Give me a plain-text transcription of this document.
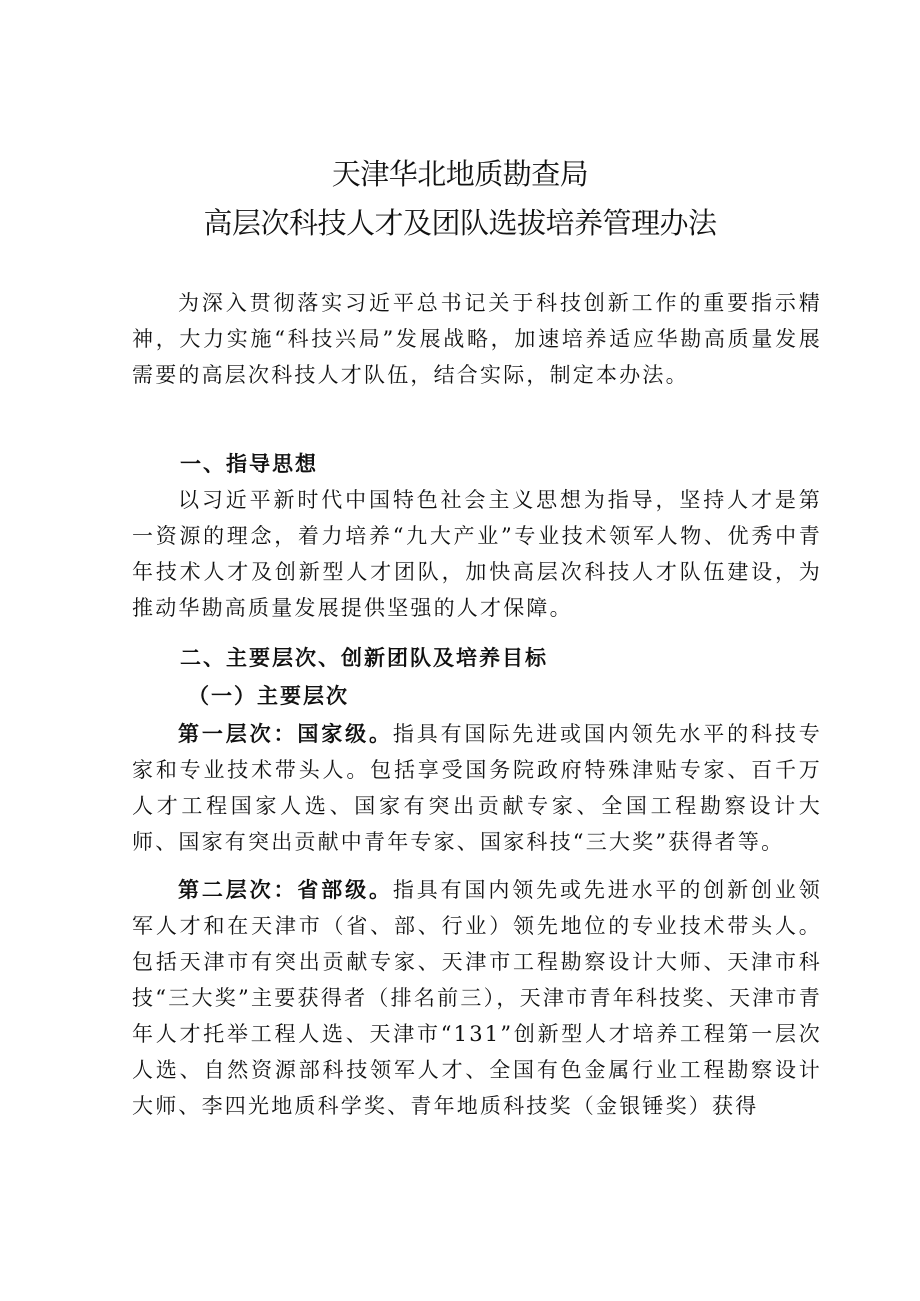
天津华北地质勘查局
高层次科技人才及团队选拔培养管理办法

为深入贯彻落实习近平总书记关于科技创新工作的重要指示精神，大力实施“科技兴局”发展战略，加速培养适应华勘高质量发展需要的高层次科技人才队伍，结合实际，制定本办法。

一、指导思想

以习近平新时代中国特色社会主义思想为指导，坚持人才是第一资源的理念，着力培养“九大产业”专业技术领军人物、优秀中青年技术人才及创新型人才团队，加快高层次科技人才队伍建设，为推动华勘高质量发展提供坚强的人才保障。

二、主要层次、创新团队及培养目标
（一）主要层次

第一层次：国家级。指具有国际先进或国内领先水平的科技专家和专业技术带头人。包括享受国务院政府特殊津贴专家、百千万人才工程国家人选、国家有突出贡献专家、全国工程勘察设计大师、国家有突出贡献中青年专家、国家科技“三大奖”获得者等。

第二层次：省部级。指具有国内领先或先进水平的创新创业领军人才和在天津市（省、部、行业）领先地位的专业技术带头人。包括天津市有突出贡献专家、天津市工程勘察设计大师、天津市科技“三大奖”主要获得者（排名前三），天津市青年科技奖、天津市青年人才托举工程人选、天津市“131”创新型人才培养工程第一层次人选、自然资源部科技领军人才、全国有色金属行业工程勘察设计大师、李四光地质科学奖、青年地质科技奖（金银锤奖）获得
